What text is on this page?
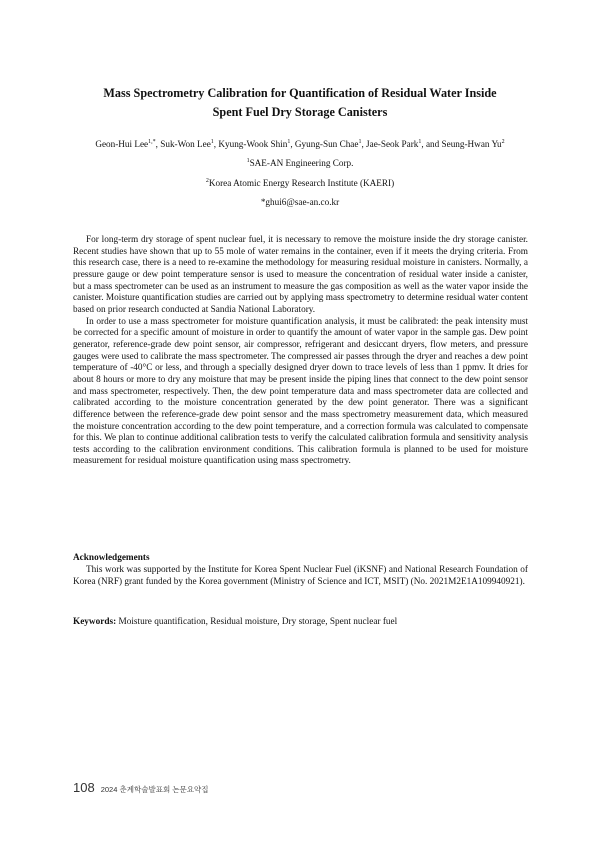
Mass Spectrometry Calibration for Quantification of Residual Water Inside
Spent Fuel Dry Storage Canisters
Geon-Hui Lee$^{1,*}$, Suk-Won Lee$^1$, Kyung-Wook Shin$^1$, Gyung-Sun Chae$^1$, Jae-Seok Park$^1$, and Seung-Hwan Yu$^2$
$^1$SAE-AN Engineering Corp.
$^2$Korea Atomic Energy Research Institute (KAERI)
*ghui6@sae-an.co.kr

For long-term dry storage of spent nuclear fuel, it is necessary to remove the moisture inside the dry storage canister. Recent studies have shown that up to 55 mole of water remains in the container, even if it meets the drying criteria. From this research case, there is a need to re-examine the methodology for measuring residual moisture in canisters. Normally, a pressure gauge or dew point temperature sensor is used to measure the concentration of residual water inside a canister, but a mass spectrometer can be used as an instrument to measure the gas composition as well as the water vapor inside the canister. Moisture quantification studies are carried out by applying mass spectrometry to determine residual water content based on prior research conducted at Sandia National Laboratory.

In order to use a mass spectrometer for moisture quantification analysis, it must be calibrated: the peak intensity must be corrected for a specific amount of moisture in order to quantify the amount of water vapor in the sample gas. Dew point generator, reference-grade dew point sensor, air compressor, refrigerant and desiccant dryers, flow meters, and pressure gauges were used to calibrate the mass spectrometer. The compressed air passes through the dryer and reaches a dew point temperature of -40°C or less, and through a specially designed dryer down to trace levels of less than 1 ppmv. It dries for about 8 hours or more to dry any moisture that may be present inside the piping lines that connect to the dew point sensor and mass spectrometer, respectively. Then, the dew point temperature data and mass spectrometer data are collected and calibrated according to the moisture concentration generated by the dew point generator. There was a significant difference between the reference-grade dew point sensor and the mass spectrometry measurement data, which measured the moisture concentration according to the dew point temperature, and a correction formula was calculated to compensate for this. We plan to continue additional calibration tests to verify the calculated calibration formula and sensitivity analysis tests according to the calibration environment conditions. This calibration formula is planned to be used for moisture measurement for residual moisture quantification using mass spectrometry.

Acknowledgements

This work was supported by the Institute for Korea Spent Nuclear Fuel (iKSNF) and National Research Foundation of Korea (NRF) grant funded by the Korea government (Ministry of Science and ICT, MSIT) (No. 2021M2E1A109940921).

Keywords: Moisture quantification, Residual moisture, Dry storage, Spent nuclear fuel
108 2024 춘계학술발표회 논문요약집
